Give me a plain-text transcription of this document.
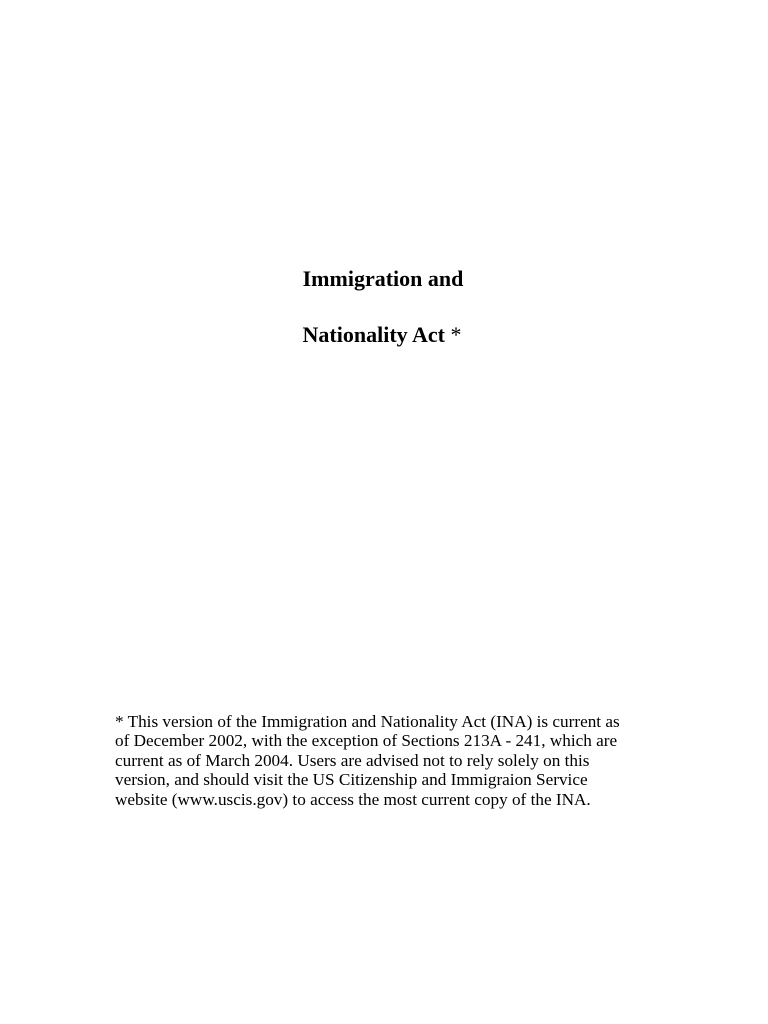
Immigration and
Nationality Act *
* This version of the Immigration and Nationality Act (INA) is current as
of December 2002, with the exception of Sections 213A - 241, which are
current as of March 2004. Users are advised not to rely solely on this
version, and should visit the US Citizenship and Immigraion Service
website (www.uscis.gov) to access the most current copy of the INA.
